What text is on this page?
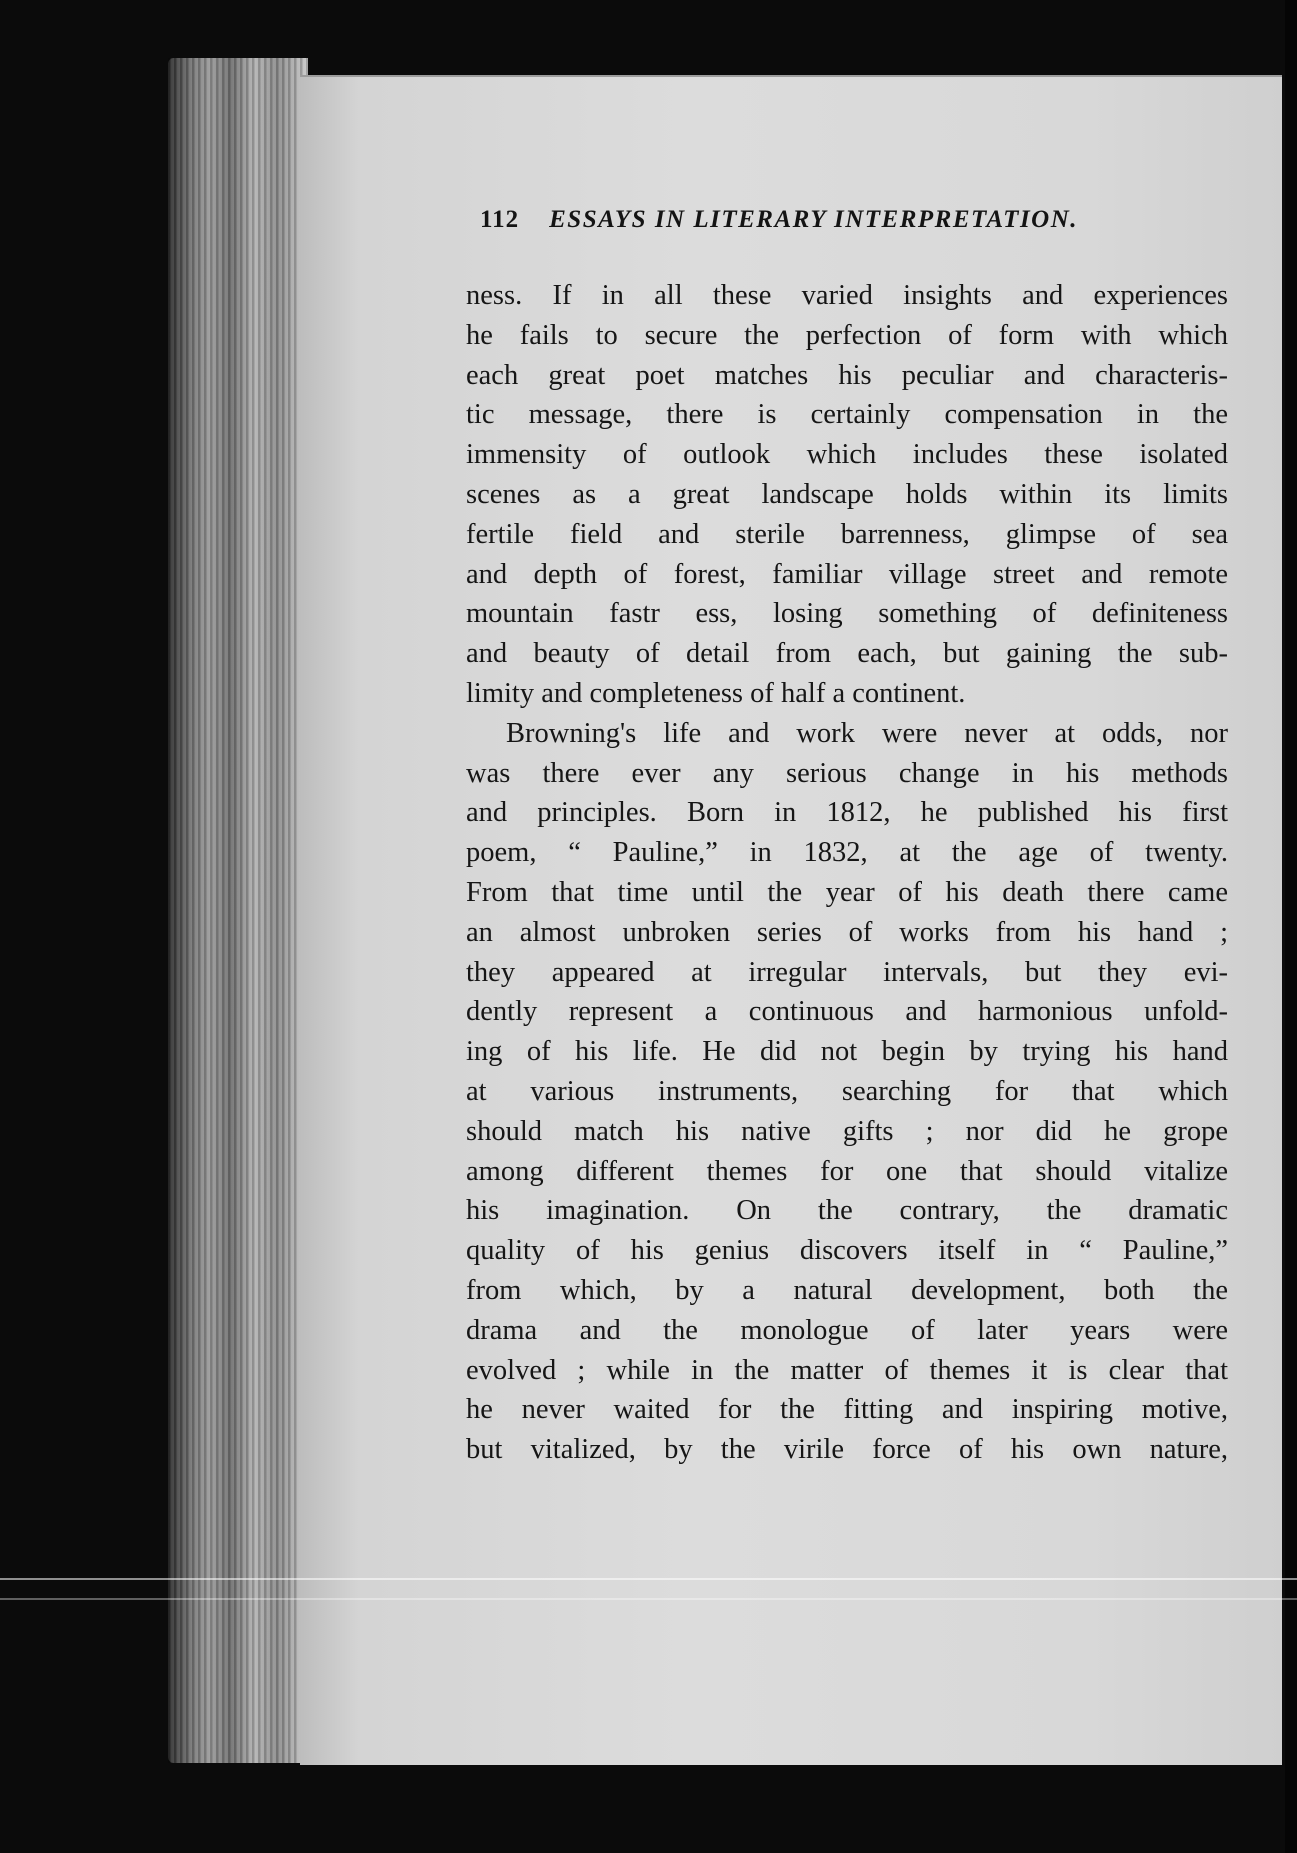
112 ESSAYS IN LITERARY INTERPRETATION.
ness. If in all these varied insights and experiences
he fails to secure the perfection of form with which
each great poet matches his peculiar and characteris-
tic message, there is certainly compensation in the
immensity of outlook which includes these isolated
scenes as a great landscape holds within its limits
fertile field and sterile barrenness, glimpse of sea
and depth of forest, familiar village street and remote
mountain fastr ess, losing something of definiteness
and beauty of detail from each, but gaining the sub-
limity and completeness of half a continent.
Browning's life and work were never at odds, nor
was there ever any serious change in his methods
and principles. Born in 1812, he published his first
poem, “ Pauline,” in 1832, at the age of twenty.
From that time until the year of his death there came
an almost unbroken series of works from his hand ;
they appeared at irregular intervals, but they evi-
dently represent a continuous and harmonious unfold-
ing of his life. He did not begin by trying his hand
at various instruments, searching for that which
should match his native gifts ; nor did he grope
among different themes for one that should vitalize
his imagination. On the contrary, the dramatic
quality of his genius discovers itself in “ Pauline,”
from which, by a natural development, both the
drama and the monologue of later years were
evolved ; while in the matter of themes it is clear that
he never waited for the fitting and inspiring motive,
but vitalized, by the virile force of his own nature,
